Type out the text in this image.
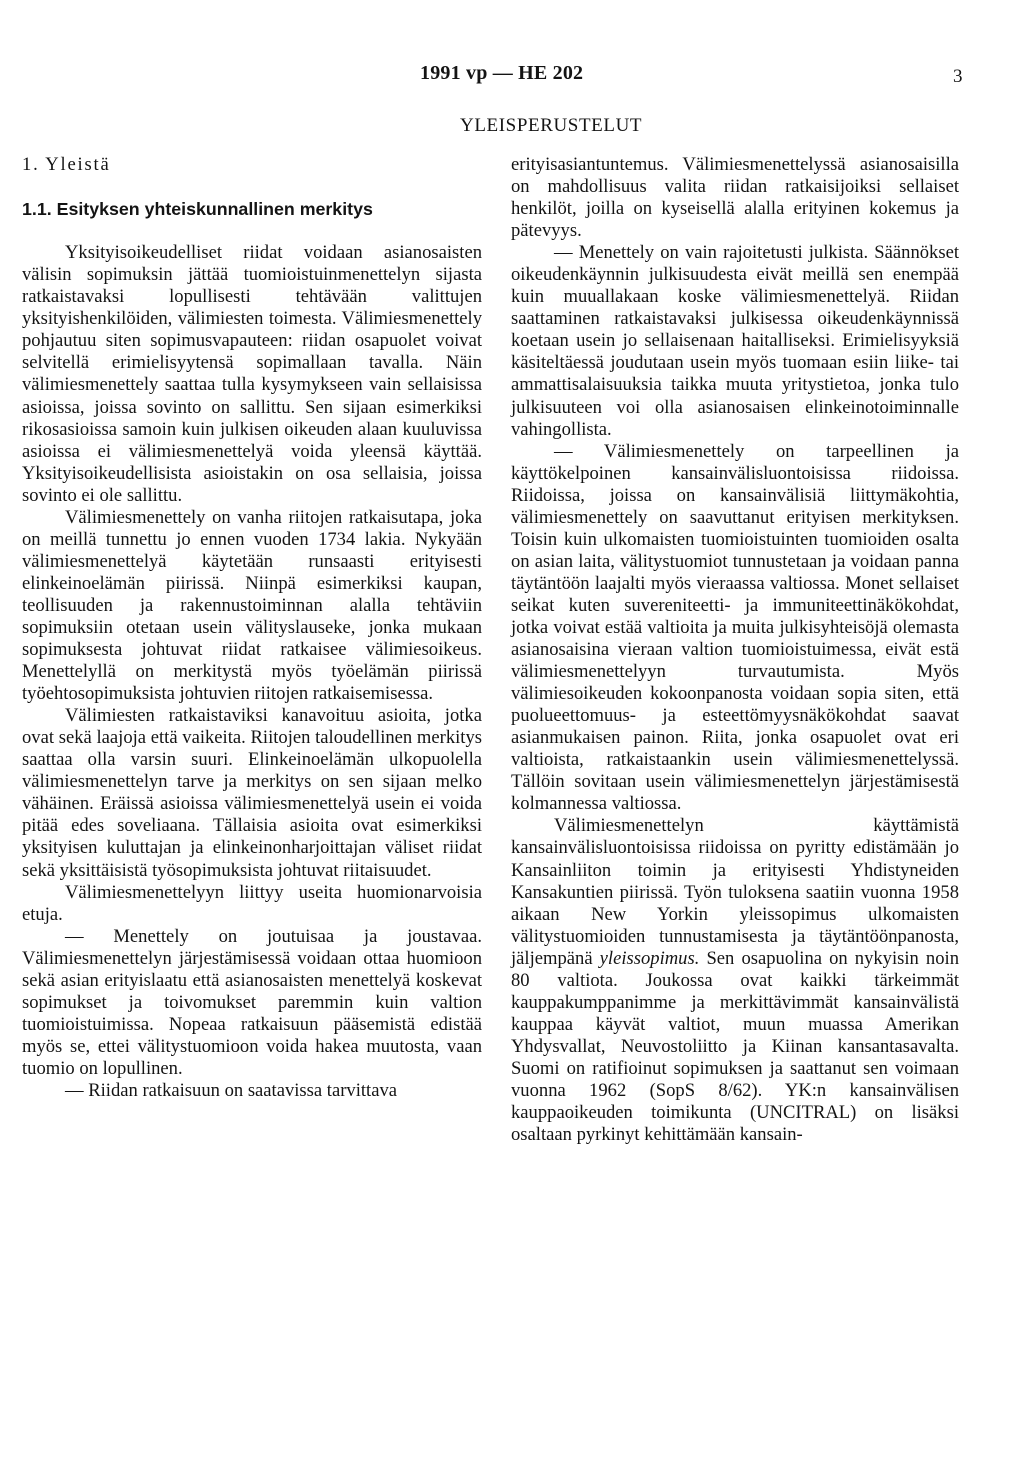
1991 vp — HE 202	3
YLEISPERUSTELUT

1. Yleistä

1.1. Esityksen yhteiskunnallinen merkitys

Yksityisoikeudelliset riidat voidaan asianosaisten välisin sopimuksin jättää tuomioistuinmenettelyn sijasta ratkaistavaksi lopullisesti tehtävään valittujen yksityishenkilöiden, välimiesten toimesta. Välimiesmenettely pohjautuu siten sopimusvapauteen: riidan osapuolet voivat selvitellä erimielisyytensä sopimallaan tavalla. Näin välimiesmenettely saattaa tulla kysymykseen vain sellaisissa asioissa, joissa sovinto on sallittu. Sen sijaan esimerkiksi rikosasioissa samoin kuin julkisen oikeuden alaan kuuluvissa asioissa ei välimiesmenettelyä voida yleensä käyttää. Yksityisoikeudellisista asioistakin on osa sellaisia, joissa sovinto ei ole sallittu.

Välimiesmenettely on vanha riitojen ratkaisutapa, joka on meillä tunnettu jo ennen vuoden 1734 lakia. Nykyään välimiesmenettelyä käytetään runsaasti erityisesti elinkeinoelämän piirissä. Niinpä esimerkiksi kaupan, teollisuuden ja rakennustoiminnan alalla tehtäviin sopimuksiin otetaan usein välityslauseke, jonka mukaan sopimuksesta johtuvat riidat ratkaisee välimiesoikeus. Menettelyllä on merkitystä myös työelämän piirissä työehtosopimuksista johtuvien riitojen ratkaisemisessa.

Välimiesten ratkaistaviksi kanavoituu asioita, jotka ovat sekä laajoja että vaikeita. Riitojen taloudellinen merkitys saattaa olla varsin suuri. Elinkeinoelämän ulkopuolella välimiesmenettelyn tarve ja merkitys on sen sijaan melko vähäinen. Eräissä asioissa välimiesmenettelyä usein ei voida pitää edes soveliaana. Tällaisia asioita ovat esimerkiksi yksityisen kuluttajan ja elinkeinonharjoittajan väliset riidat sekä yksittäisistä työsopimuksista johtuvat riitaisuudet.

Välimiesmenettelyyn liittyy useita huomionarvoisia etuja.

— Menettely on joutuisaa ja joustavaa. Välimiesmenettelyn järjestämisessä voidaan ottaa huomioon sekä asian erityislaatu että asianosaisten menettelyä koskevat sopimukset ja toivomukset paremmin kuin valtion tuomioistuimissa. Nopeaa ratkaisuun pääsemistä edistää myös se, ettei välitystuomioon voida hakea muutosta, vaan tuomio on lopullinen.

— Riidan ratkaisuun on saatavissa tarvittava

erityisasiantuntemus. Välimiesmenettelyssä asianosaisilla on mahdollisuus valita riidan ratkaisijoiksi sellaiset henkilöt, joilla on kyseisellä alalla erityinen kokemus ja pätevyys.

— Menettely on vain rajoitetusti julkista. Säännökset oikeudenkäynnin julkisuudesta eivät meillä sen enempää kuin muuallakaan koske välimiesmenettelyä. Riidan saattaminen ratkaistavaksi julkisessa oikeudenkäynnissä koetaan usein jo sellaisenaan haitalliseksi. Erimielisyyksiä käsiteltäessä joudutaan usein myös tuomaan esiin liike- tai ammattisalaisuuksia taikka muuta yritystietoa, jonka tulo julkisuuteen voi olla asianosaisen elinkeinotoiminnalle vahingollista.

— Välimiesmenettely on tarpeellinen ja käyttökelpoinen kansainvälisluontoisissa riidoissa. Riidoissa, joissa on kansainvälisiä liittymäkohtia, välimiesmenettely on saavuttanut erityisen merkityksen. Toisin kuin ulkomaisten tuomioistuinten tuomioiden osalta on asian laita, välitystuomiot tunnustetaan ja voidaan panna täytäntöön laajalti myös vieraassa valtiossa. Monet sellaiset seikat kuten suvereniteetti- ja immuniteettinäkökohdat, jotka voivat estää valtioita ja muita julkisyhteisöjä olemasta asianosaisina vieraan valtion tuomioistuimessa, eivät estä välimiesmenettelyyn turvautumista. Myös välimiesoikeuden kokoonpanosta voidaan sopia siten, että puolueettomuus- ja esteettömyysnäkökohdat saavat asianmukaisen painon. Riita, jonka osapuolet ovat eri valtioista, ratkaistaankin usein välimiesmenettelyssä. Tällöin sovitaan usein välimiesmenettelyn järjestämisestä kolmannessa valtiossa.

Välimiesmenettelyn käyttämistä kansainvälisluontoisissa riidoissa on pyritty edistämään jo Kansainliiton toimin ja erityisesti Yhdistyneiden Kansakuntien piirissä. Työn tuloksena saatiin vuonna 1958 aikaan New Yorkin yleissopimus ulkomaisten välitystuomioiden tunnustamisesta ja täytäntöönpanosta, jäljempänä yleissopimus. Sen osapuolina on nykyisin noin 80 valtiota. Joukossa ovat kaikki tärkeimmät kauppakumppanimme ja merkittävimmät kansainvälistä kauppaa käyvät valtiot, muun muassa Amerikan Yhdysvallat, Neuvostoliitto ja Kiinan kansantasavalta. Suomi on ratifioinut sopimuksen ja saattanut sen voimaan vuonna 1962 (SopS 8/62). YK:n kansainvälisen kauppaoikeuden toimikunta (UNCITRAL) on lisäksi osaltaan pyrkinyt kehittämään kansain-
